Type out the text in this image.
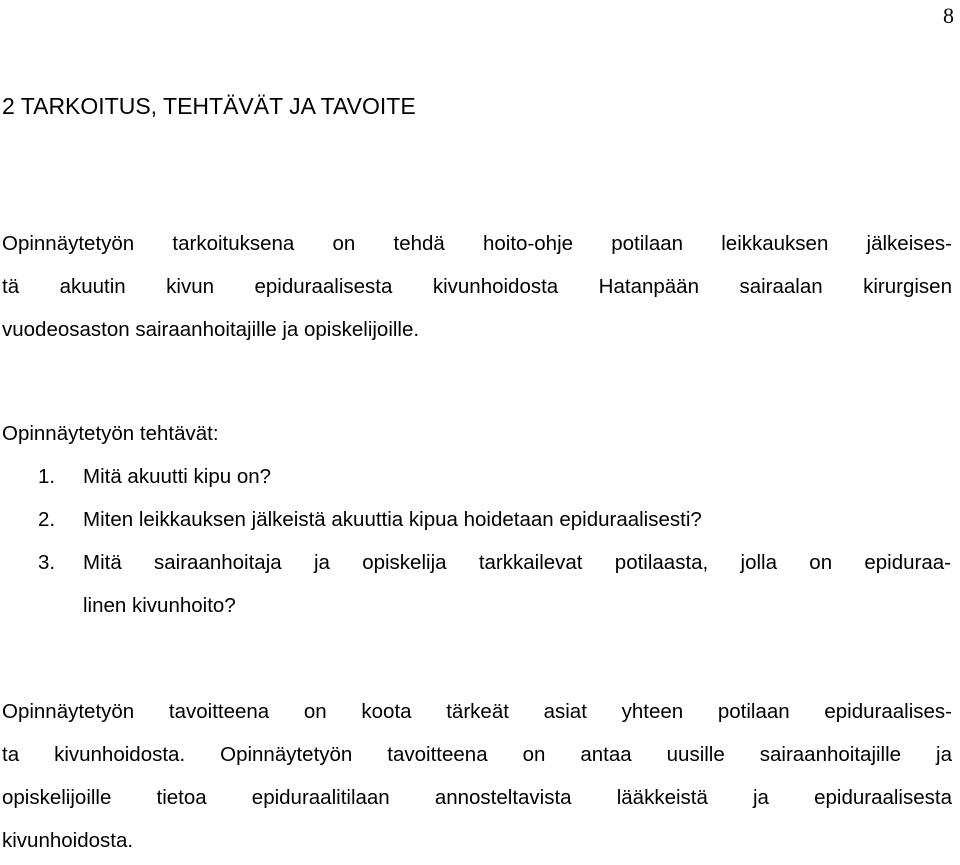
8
2 TARKOITUS, TEHTÄVÄT JA TAVOITE

Opinnäytetyön tarkoituksena on tehdä hoito-ohje potilaan leikkauksen jälkeises-
tä akuutin kivun epiduraalisesta kivunhoidosta Hatanpään sairaalan kirurgisen
vuodeosaston sairaanhoitajille ja opiskelijoille.

Opinnäytetyön tehtävät:

1. Mitä akuutti kipu on?
2. Miten leikkauksen jälkeistä akuuttia kipua hoidetaan epiduraalisesti?
3. Mitä sairaanhoitaja ja opiskelija tarkkailevat potilaasta, jolla on epiduraa-
linen kivunhoito?

Opinnäytetyön tavoitteena on koota tärkeät asiat yhteen potilaan epiduraalises-
ta kivunhoidosta. Opinnäytetyön tavoitteena on antaa uusille sairaanhoitajille ja
opiskelijoille tietoa epiduraalitilaan annosteltavista lääkkeistä ja epiduraalisesta
kivunhoidosta.
